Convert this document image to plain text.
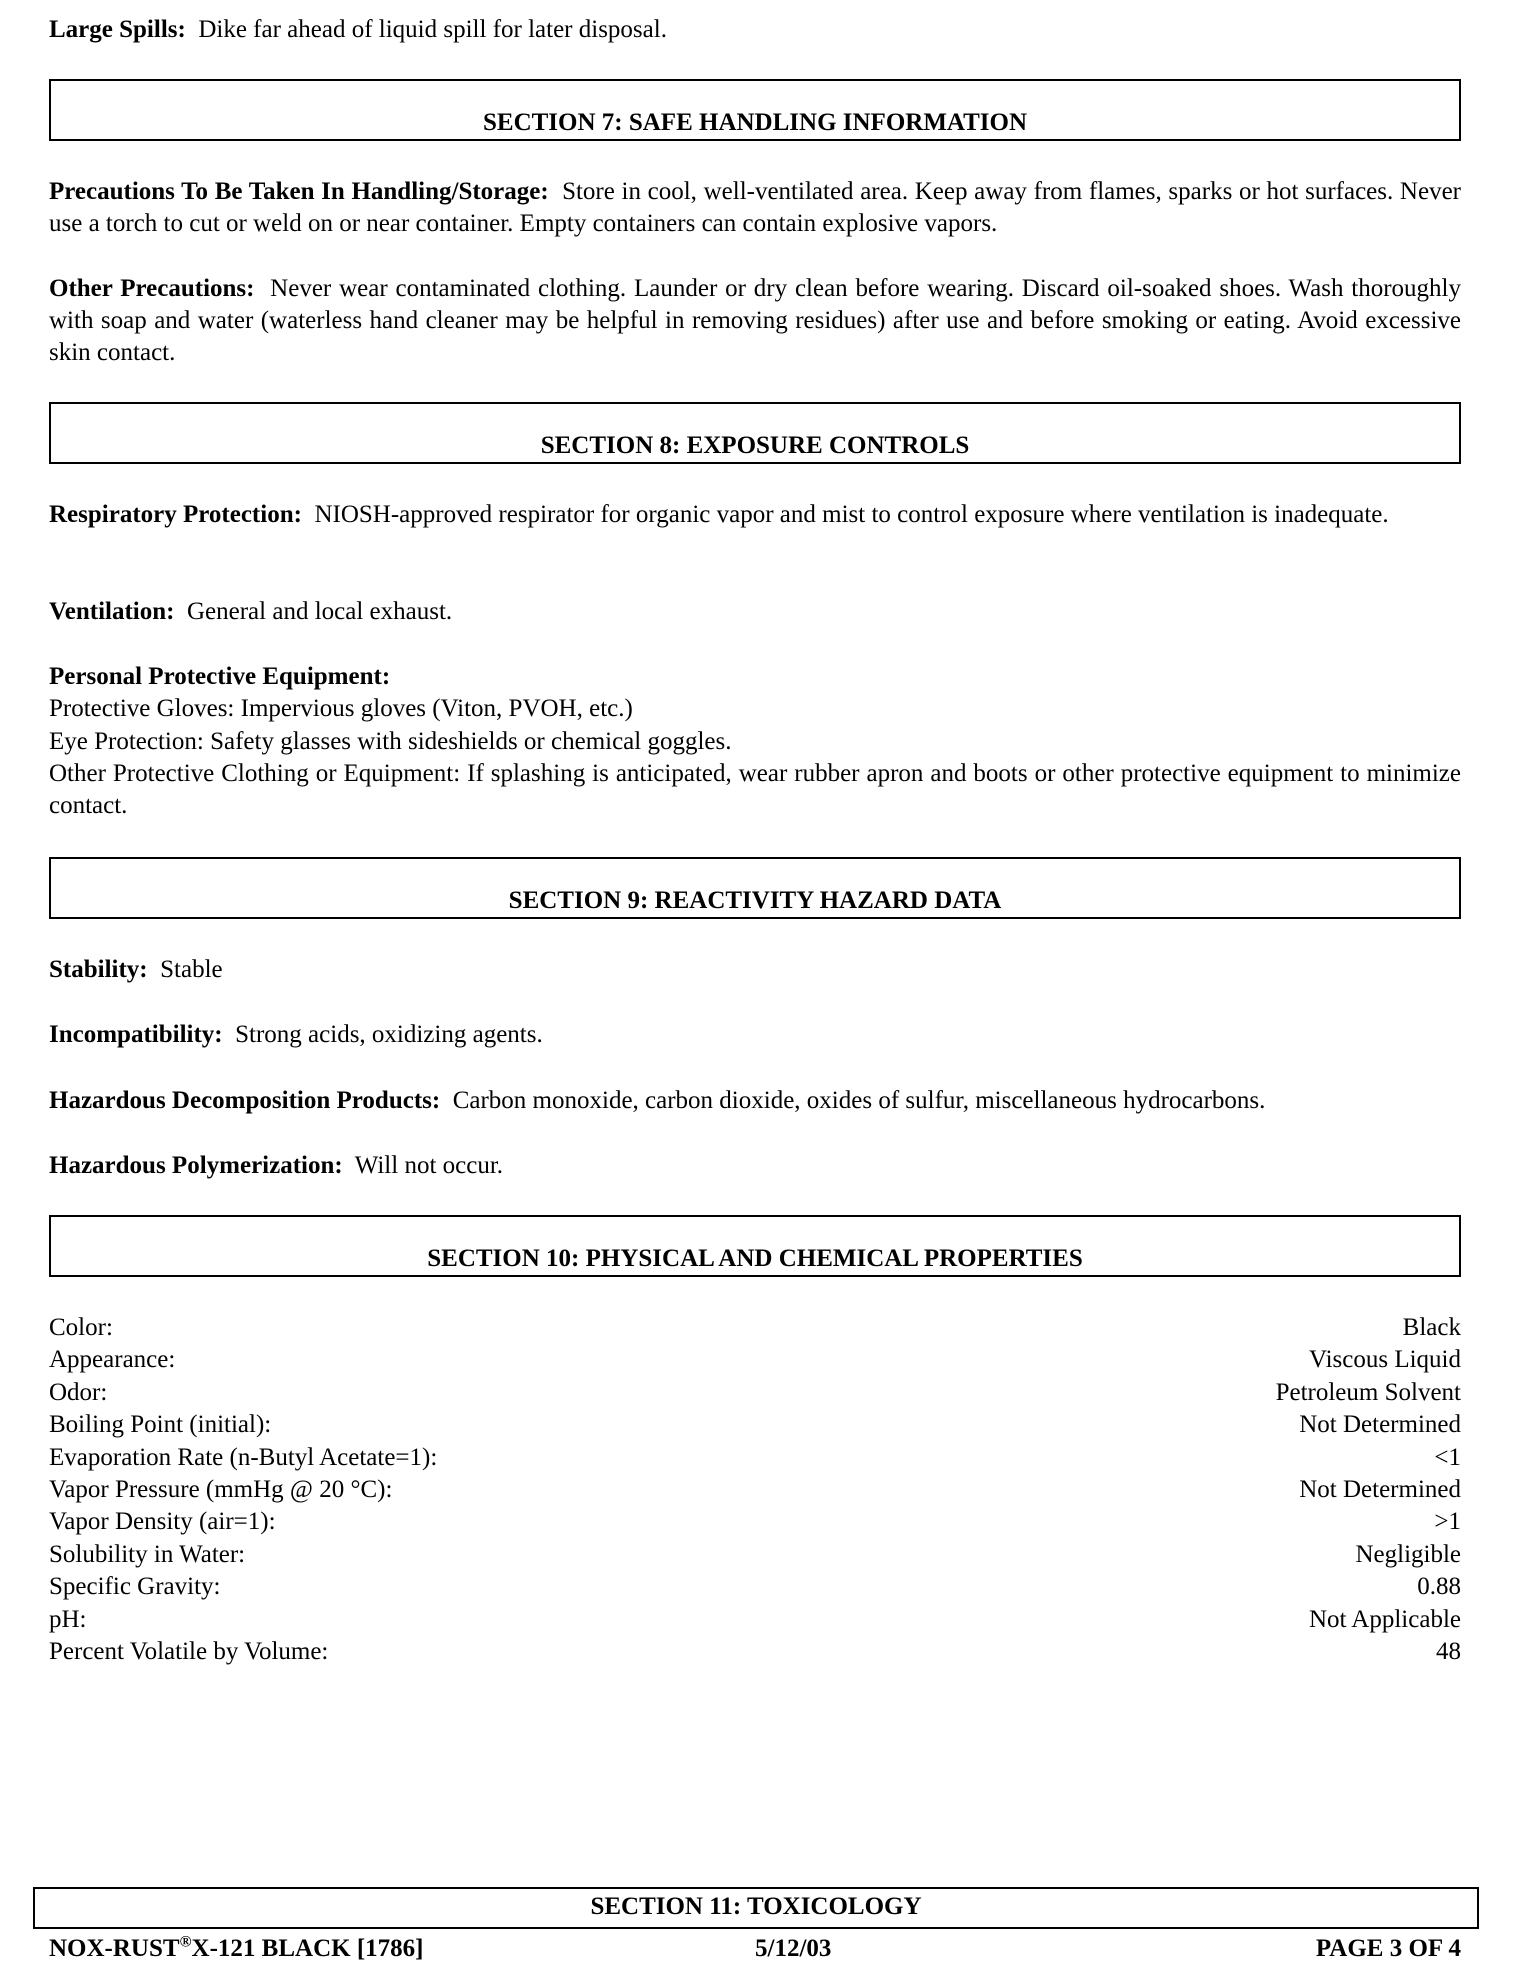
Large Spills: Dike far ahead of liquid spill for later disposal.
SECTION 7: SAFE HANDLING INFORMATION
Precautions To Be Taken In Handling/Storage: Store in cool, well-ventilated area. Keep away from flames, sparks or hot surfaces. Never use a torch to cut or weld on or near container. Empty containers can contain explosive vapors.
Other Precautions: Never wear contaminated clothing. Launder or dry clean before wearing. Discard oil-soaked shoes. Wash thoroughly with soap and water (waterless hand cleaner may be helpful in removing residues) after use and before smoking or eating. Avoid excessive skin contact.
SECTION 8: EXPOSURE CONTROLS
Respiratory Protection: NIOSH-approved respirator for organic vapor and mist to control exposure where ventilation is inadequate.
Ventilation: General and local exhaust.
Personal Protective Equipment:
Protective Gloves: Impervious gloves (Viton, PVOH, etc.)
Eye Protection: Safety glasses with sideshields or chemical goggles.
Other Protective Clothing or Equipment: If splashing is anticipated, wear rubber apron and boots or other protective equipment to minimize contact.
SECTION 9: REACTIVITY HAZARD DATA
Stability: Stable
Incompatibility: Strong acids, oxidizing agents.
Hazardous Decomposition Products: Carbon monoxide, carbon dioxide, oxides of sulfur, miscellaneous hydrocarbons.
Hazardous Polymerization: Will not occur.
SECTION 10: PHYSICAL AND CHEMICAL PROPERTIES
Color:	Black
Appearance:	Viscous Liquid
Odor:	Petroleum Solvent
Boiling Point (initial):	Not Determined
Evaporation Rate (n-Butyl Acetate=1):	<1
Vapor Pressure (mmHg @ 20 °C):	Not Determined
Vapor Density (air=1):	>1
Solubility in Water:	Negligible
Specific Gravity:	0.88
pH:	Not Applicable
Percent Volatile by Volume:	48
SECTION 11: TOXICOLOGY
NOX-RUST®X-121 BLACK [1786]	5/12/03	PAGE 3 OF 4
